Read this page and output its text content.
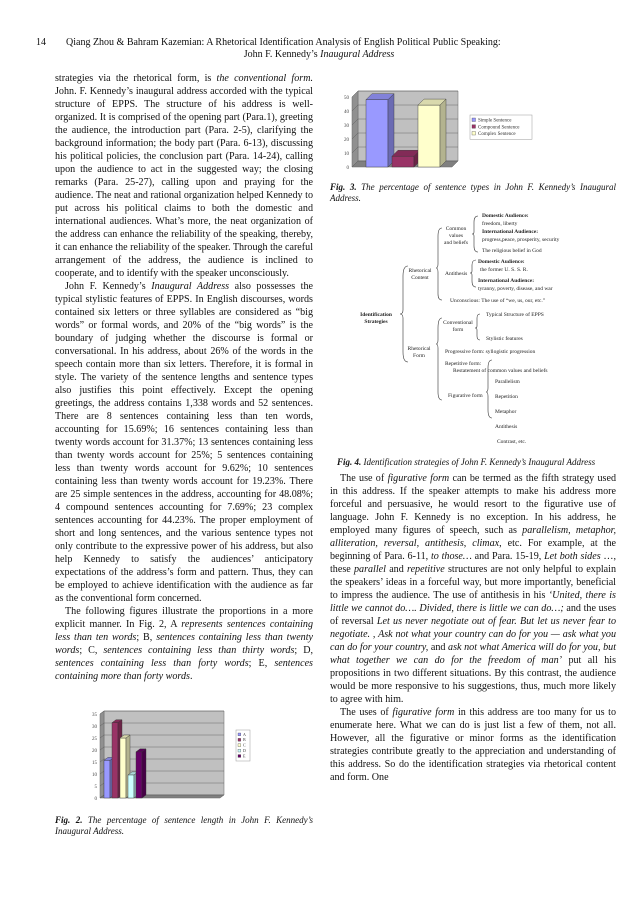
14 Qiang Zhou & Bahram Kazemian: A Rhetorical Identification Analysis of English Political Public Speaking:
John F. Kennedy’s Inaugural Address

strategies via the rhetorical form, is the conventional form. John. F. Kennedy’s inaugural address accorded with the typical structure of EPPS. The structure of his address is well-organized. It is comprised of the opening part (Para.1), greeting the audience, the introduction part (Para. 2-5), clarifying the background information; the body part (Para. 6-13), discussing his political policies, the conclusion part (Para. 14-24), calling upon the audience to act in the suggested way; the closing remarks (Para. 25-27), calling upon and praying for the audience. The neat and rational organization helped Kennedy to put across his political claims to both the domestic and international audiences. What’s more, the neat organization of the address can enhance the reliability of the speaking, thereby, it can enhance the reliability of the speaker. Through the careful arrangement of the address, the audience is inclined to cooperate, and to identify with the speaker unconsciously.

John F. Kennedy’s Inaugural Address also possesses the typical stylistic features of EPPS. In English discourses, words contained six letters or three syllables are considered as “big words” or formal words, and 20% of the “big words” is the boundary of judging whether the discourse is formal or conversational. In his address, about 26% of the words in the speech contain more than six letters. Therefore, it is formal in style. The variety of the sentence lengths and sentence types also justifies this point effectively. Except the opening greetings, the address contains 1,338 words and 52 sentences. There are 8 sentences containing less than ten words, accounting for 15.69%; 16 sentences containing less than twenty words account for 31.37%; 13 sentences containing less than twenty words account for 25%; 5 sentences containing less than twenty words account for 9.62%; 10 sentences containing less than twenty words account for 19.23%. There are 25 simple sentences in the address, accounting for 48.08%; 4 compound sentences accounting for 7.69%; 23 complex sentences accounting for 44.23%. The proper employment of short and long sentences, and the various sentence types not only contribute to the expressive power of his address, but also help Kennedy to satisfy the audiences’ anticipatory expectations of the address’s form and pattern. Thus, they can be employed to achieve identification with the audience as far as the conventional form concerned.

The following figures illustrate the proportions in a more explicit manner. In Fig. 2, A represents sentences containing less than ten words; B, sentences containing less than twenty words; C, sentences containing less than thirty words; D, sentences containing less than forty words; E, sentences containing more than forty words.

0
5
10
15
20
25
30
35
A
B
C
D
E
Fig. 2. The percentage of sentence length in John F. Kennedy’s Inaugural Address.
0
10
20
30
40
50
Simple Sentence
Compound Sentence
Complex Sentence
Fig. 3. The percentage of sentence types in John F. Kennedy’s Inaugural Address.
Identification Strategies
Rhetorical Content
Common values and beliefs
Domestic Audience:
freedom, liberty
International Audience:
progress,peace, prosperity, security
The religious belief in God
Antithesis
Domestic Audience:
the former U. S. S. R.
International Audience:
tyranny, poverty, disease, and war
Unconscious: The use of “we, us, our, etc.”
Rhetorical Form
Conventional form
Typical Structure of EPPS
Stylistic features
Progressive form: syllogistic progression
Repetitive form:
Restatement of common values and beliefs
Figurative form
Parallelism
Repetition
Metaphor
Antithesis
Contrast, etc.
Fig. 4. Identification strategies of John F. Kennedy’s Inaugural Address

The use of figurative form can be termed as the fifth strategy used in this address. If the speaker attempts to make his address more forceful and persuasive, he would resort to the figurative use of language. John F. Kennedy is no exception. In his address, he employed many figures of speech, such as parallelism, metaphor, alliteration, reversal, antithesis, climax, etc. For example, at the beginning of Para. 6-11, to those… and Para. 15-19, Let both sides …, these parallel and repetitive structures are not only helpful to explain the speakers’ ideas in a forceful way, but more importantly, beneficial to impress the audience. The use of antithesis in his ‘United, there is little we cannot do…. Divided, there is little we can do…; and the uses of reversal Let us never negotiate out of fear. But let us never fear to negotiate. , Ask not what your country can do for you — ask what you can do for your country, and ask not what America will do for you, but what together we can do for the freedom of man’ put all his propositions in two different situations. By this contrast, the audience would be more responsive to his suggestions, thus, much more likely to agree with him.

The uses of figurative form in this address are too many for us to enumerate here. What we can do is just list a few of them, not all. However, all the figurative or minor forms as the identification strategies contribute greatly to the appreciation and understanding of this address. So do the identification strategies via rhetorical content and form. One
